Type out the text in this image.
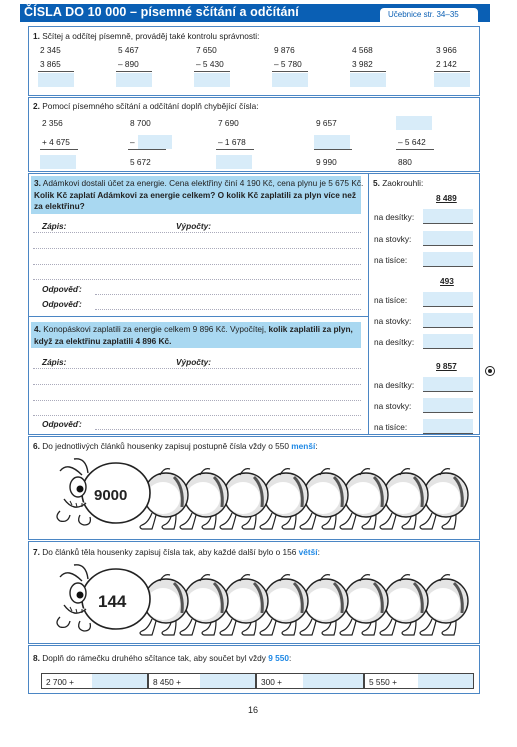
ČÍSLA DO 10 000 – písemné sčítání a odčítání	Učebnice str. 34–35
1. Sčítej a odčítej písemně, prováděj také kontrolu správnosti:
2 345
3 865
5 467
– 890
7 650
– 5 430
9 876
– 5 780
4 568
3 982
3 966
2 142
2. Pomocí písemného sčítání a odčítání doplň chybějící čísla:
2 356
+ 4 675
8 700
–
5 672
7 690
– 1 678
9 657
9 990
– 5 642
880
3. Adámkovi dostali účet za energie. Cena elektřiny činí 4 190 Kč, cena plynu je 5 675 Kč. Kolik Kč zaplatí Adámkovi za energie celkem? O kolik Kč zaplatili za plyn více než za elektřinu?
Zápis:	Výpočty:
Odpověď:
Odpověď:
4. Konopáskovi zaplatili za energie celkem 9 896 Kč. Vypočítej, kolik zaplatili za plyn, když za elektřinu zaplatili 4 896 Kč.
Zápis:	Výpočty:
Odpověď:
5. Zaokrouhli:
8 489
na desítky:
na stovky:
na tisíce:
493
na tisíce:
na stovky:
na desítky:
9 857
na desítky:
na stovky:
na tisíce:
6. Do jednotlivých článků housenky zapisuj postupně čísla vždy o 550 menší:
9000
7. Do článků těla housenky zapisuj čísla tak, aby každé další bylo o 156 větší:
144
8. Doplň do rámečku druhého sčítance tak, aby součet byl vždy 9 550:
2 700 +	8 450 +	300 +	5 550 +
16
